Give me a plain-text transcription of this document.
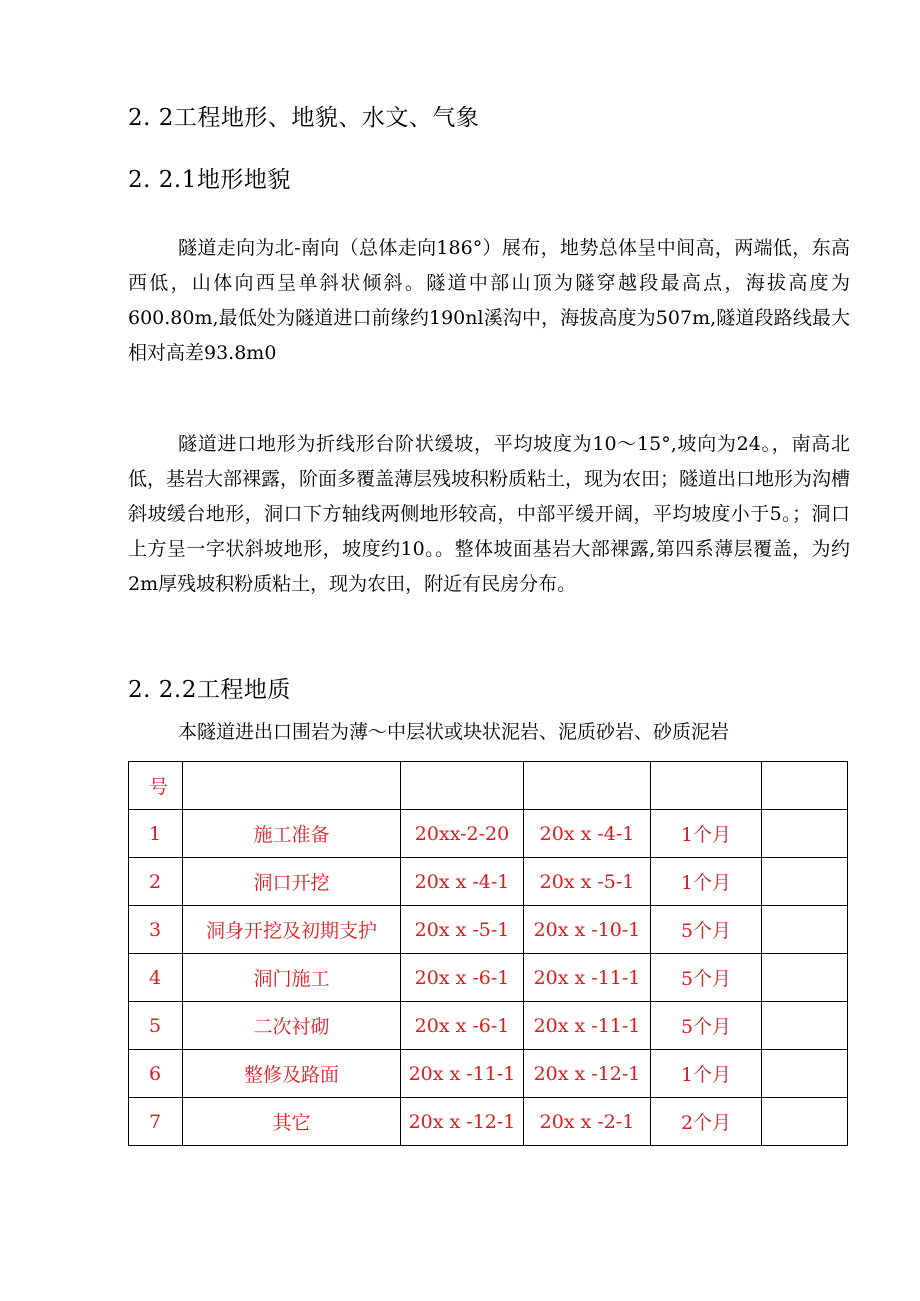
2. 2工程地形、地貌、水文、气象
2. 2.1地形地貌

隧道走向为北-南向（总体走向186°）展布，地势总体呈中间高，两端低，东高西低，山体向西呈单斜状倾斜。隧道中部山顶为隧穿越段最高点，海拔高度为600.80m,最低处为隧道进口前缘约190nl溪沟中，海拔高度为507m,隧道段路线最大相对高差93.8m0

隧道进口地形为折线形台阶状缓坡，平均坡度为10～15°,坡向为24。，南高北低，基岩大部裸露，阶面多覆盖薄层残坡积粉质粘土，现为农田；隧道出口地形为沟槽斜坡缓台地形，洞口下方轴线两侧地形较高，中部平缓开阔，平均坡度小于5。；洞口上方呈一字状斜坡地形，坡度约10。。整体坡面基岩大部裸露,第四系薄层覆盖，为约2m厚残坡积粉质粘土，现为农田，附近有民房分布。

2. 2.2工程地质
本隧道进出口围岩为薄～中层状或块状泥岩、泥质砂岩、砂质泥岩
号					
1	施工准备	20xx-2-20	20x x -4-1	1个月	
2	洞口开挖	20x x -4-1	20x x -5-1	1个月	
3	洞身开挖及初期支护	20x x -5-1	20x x -10-1	5个月	
4	洞门施工	20x x -6-1	20x x -11-1	5个月	
5	二次衬砌	20x x -6-1	20x x -11-1	5个月	
6	整修及路面	20x x -11-1	20x x -12-1	1个月	
7	其它	20x x -12-1	20x x -2-1	2个月	
